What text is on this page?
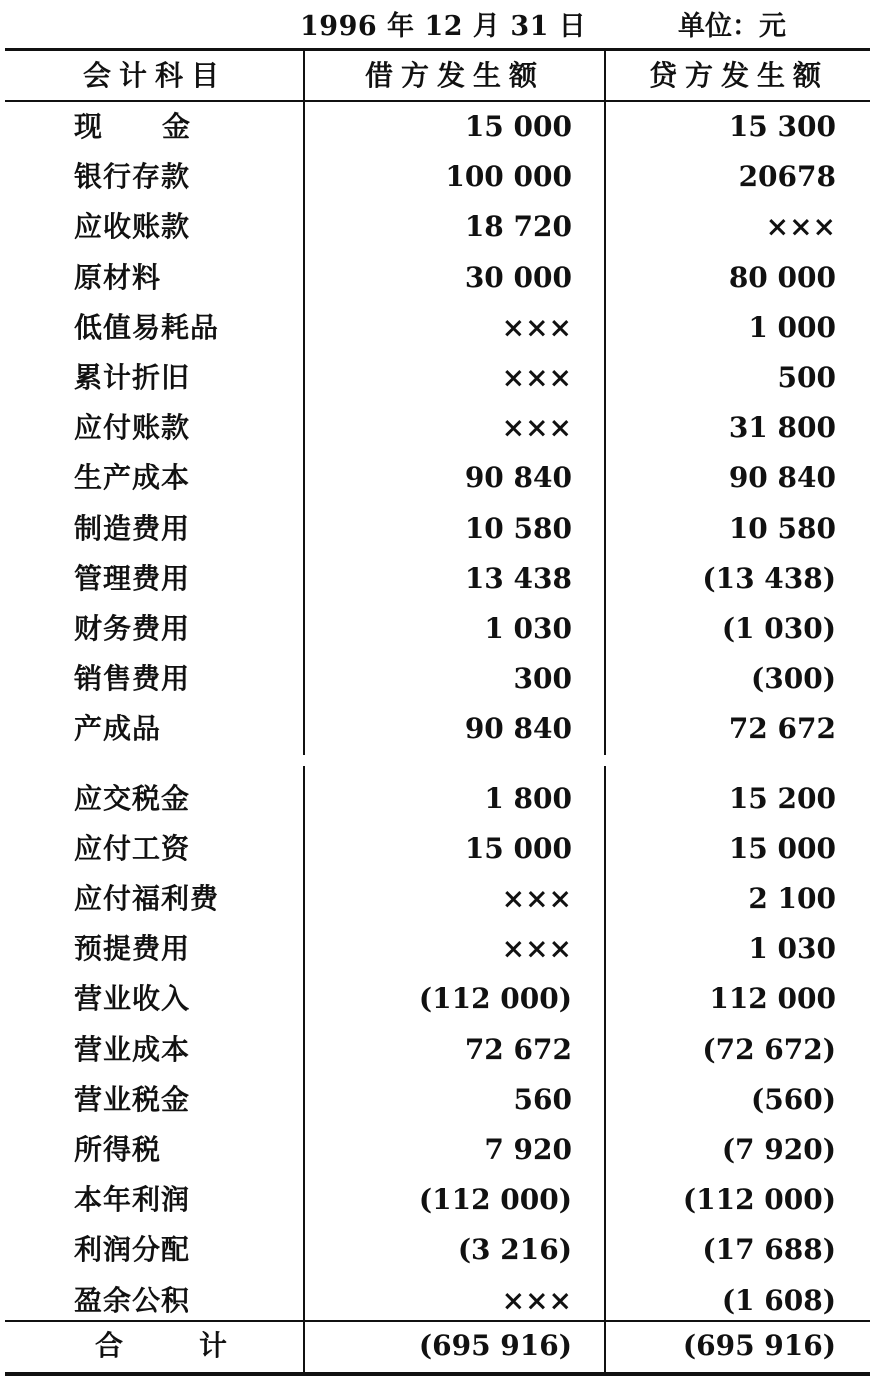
1996 年 12 月 31 日	单位：元
会计科目	借方发生额	贷方发生额
现金	15 000	15 300
银行存款	100 000	20678
应收账款	18 720	×××
原材料	30 000	80 000
低值易耗品	×××	1 000
累计折旧	×××	500
应付账款	×××	31 800
生产成本	90 840	90 840
制造费用	10 580	10 580
管理费用	13 438	(13 438)
财务费用	1 030	(1 030)
销售费用	300	(300)
产成品	90 840	72 672
应交税金	1 800	15 200
应付工资	15 000	15 000
应付福利费	×××	2 100
预提费用	×××	1 030
营业收入	(112 000)	112 000
营业成本	72 672	(72 672)
营业税金	560	(560)
所得税	7 920	(7 920)
本年利润	(112 000)	(112 000)
利润分配	(3 216)	(17 688)
盈余公积	×××	(1 608)
合计	(695 916)	(695 916)
